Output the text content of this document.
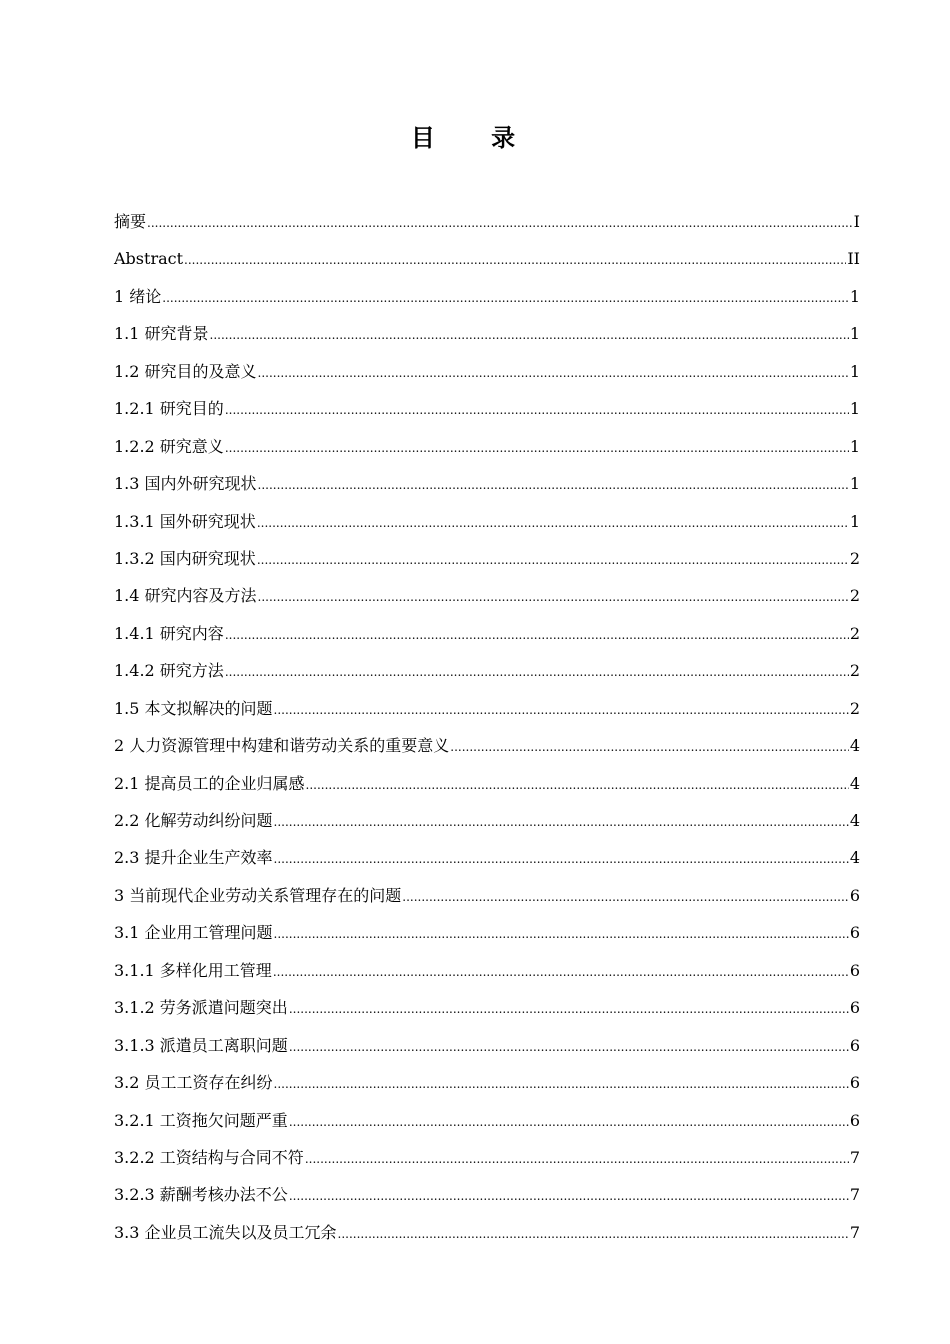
目 录
摘要 .....	I
Abstract .....	II
1 绪论 .....	1
1.1 研究背景 .....	1
1.2 研究目的及意义 .....	1
1.2.1 研究目的 .....	1
1.2.2 研究意义 .....	1
1.3 国内外研究现状 .....	1
1.3.1 国外研究现状 .....	1
1.3.2 国内研究现状 .....	2
1.4 研究内容及方法 .....	2
1.4.1 研究内容 .....	2
1.4.2 研究方法 .....	2
1.5 本文拟解决的问题 .....	2
2 人力资源管理中构建和谐劳动关系的重要意义 .....	4
2.1 提高员工的企业归属感 .....	4
2.2 化解劳动纠纷问题 .....	4
2.3 提升企业生产效率 .....	4
3 当前现代企业劳动关系管理存在的问题 .....	6
3.1 企业用工管理问题 .....	6
3.1.1 多样化用工管理 .....	6
3.1.2 劳务派遣问题突出 .....	6
3.1.3 派遣员工离职问题 .....	6
3.2 员工工资存在纠纷 .....	6
3.2.1 工资拖欠问题严重 .....	6
3.2.2 工资结构与合同不符 .....	7
3.2.3 薪酬考核办法不公 .....	7
3.3 企业员工流失以及员工冗余 .....	7
